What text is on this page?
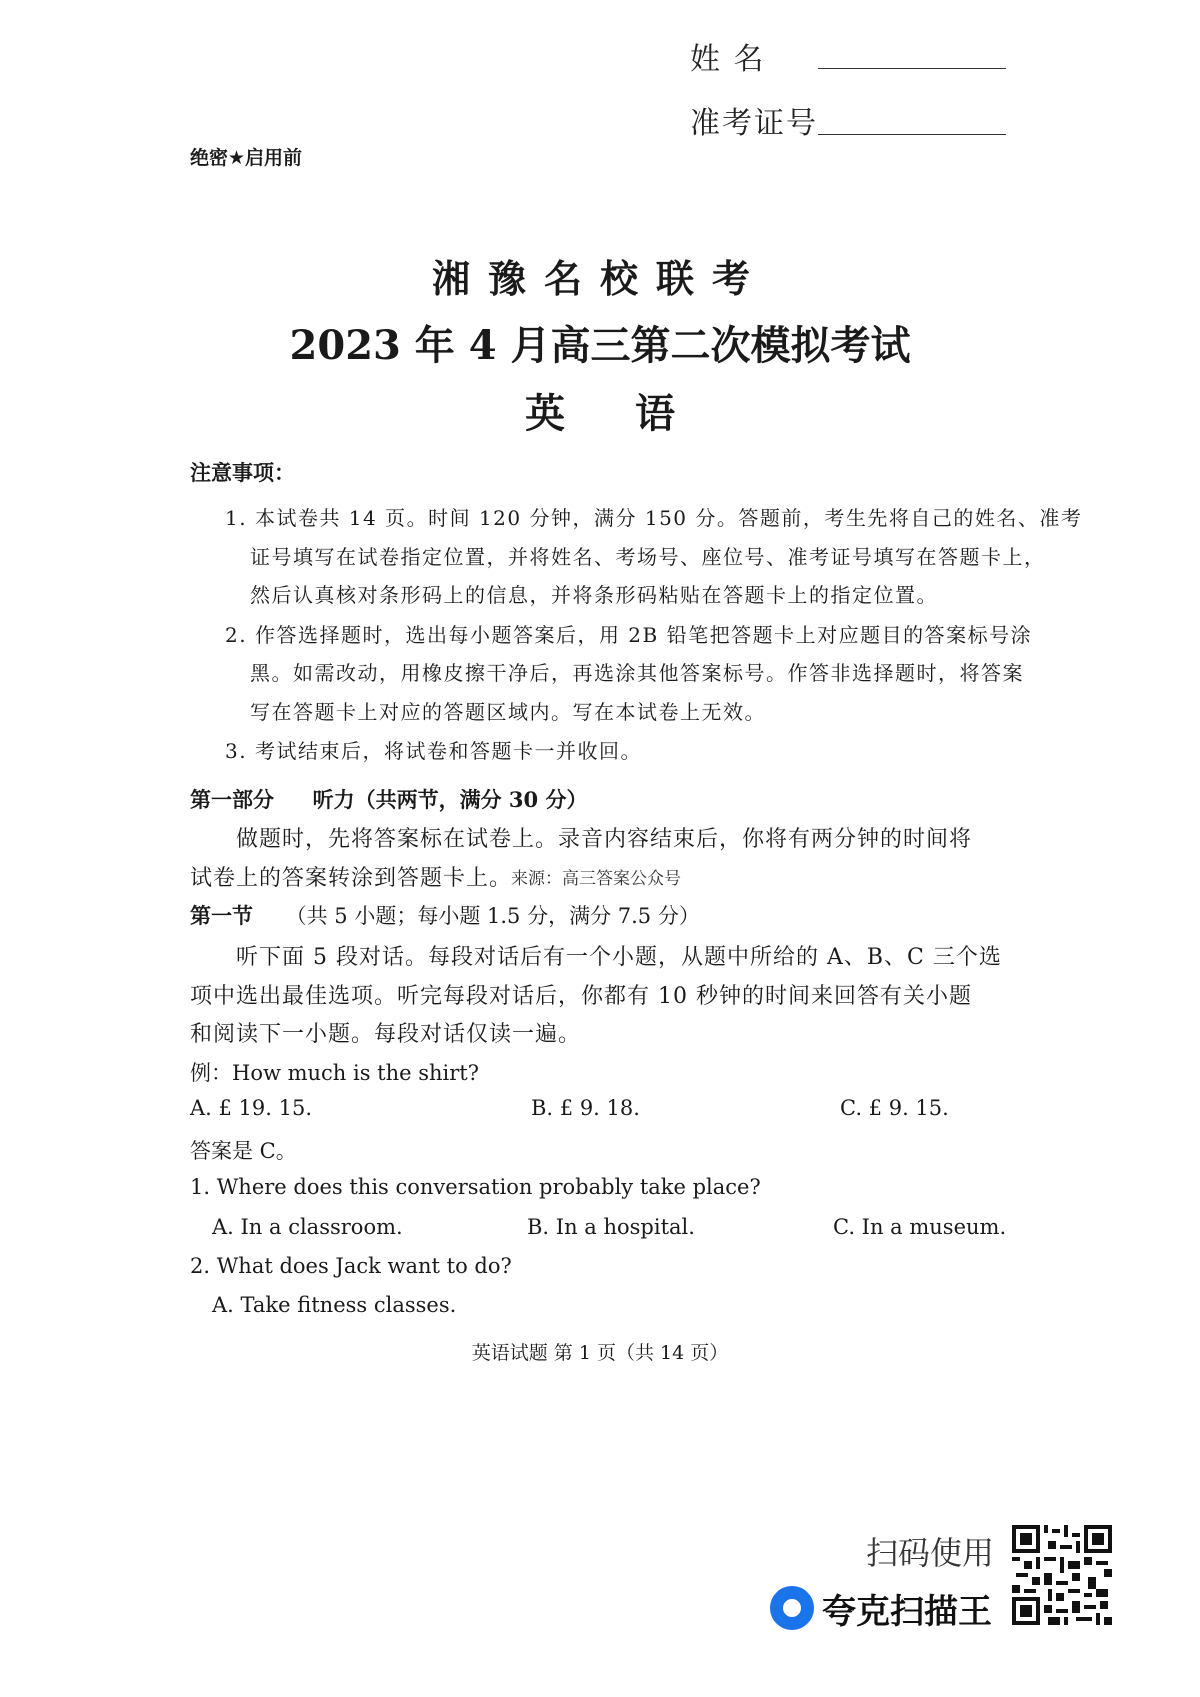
姓 名
准考证号
绝密★启用前
湘豫名校联考
2023 年 4 月高三第二次模拟考试
英语
注意事项：
1. 本试卷共 14 页。时间 120 分钟，满分 150 分。答题前，考生先将自己的姓名、准考
证号填写在试卷指定位置，并将姓名、考场号、座位号、准考证号填写在答题卡上，
然后认真核对条形码上的信息，并将条形码粘贴在答题卡上的指定位置。
2. 作答选择题时，选出每小题答案后，用 2B 铅笔把答题卡上对应题目的答案标号涂
黑。如需改动，用橡皮擦干净后，再选涂其他答案标号。作答非选择题时，将答案
写在答题卡上对应的答题区域内。写在本试卷上无效。
3. 考试结束后，将试卷和答题卡一并收回。
第一部分 听力（共两节，满分 30 分）
做题时，先将答案标在试卷上。录音内容结束后，你将有两分钟的时间将
试卷上的答案转涂到答题卡上。
来源：高三答案公众号
第一节 （共 5 小题；每小题 1.5 分，满分 7.5 分）
听下面 5 段对话。每段对话后有一个小题，从题中所给的 A、B、C 三个选
项中选出最佳选项。听完每段对话后，你都有 10 秒钟的时间来回答有关小题
和阅读下一小题。每段对话仅读一遍。
例：How much is the shirt?
A. £ 19. 15.	B. £ 9. 18.	C. £ 9. 15.
答案是 C。
1. Where does this conversation probably take place?
A. In a classroom.	B. In a hospital.	C. In a museum.
2. What does Jack want to do?
A. Take fitness classes.
英语试题 第 1 页（共 14 页）
扫码使用
夸克扫描王
